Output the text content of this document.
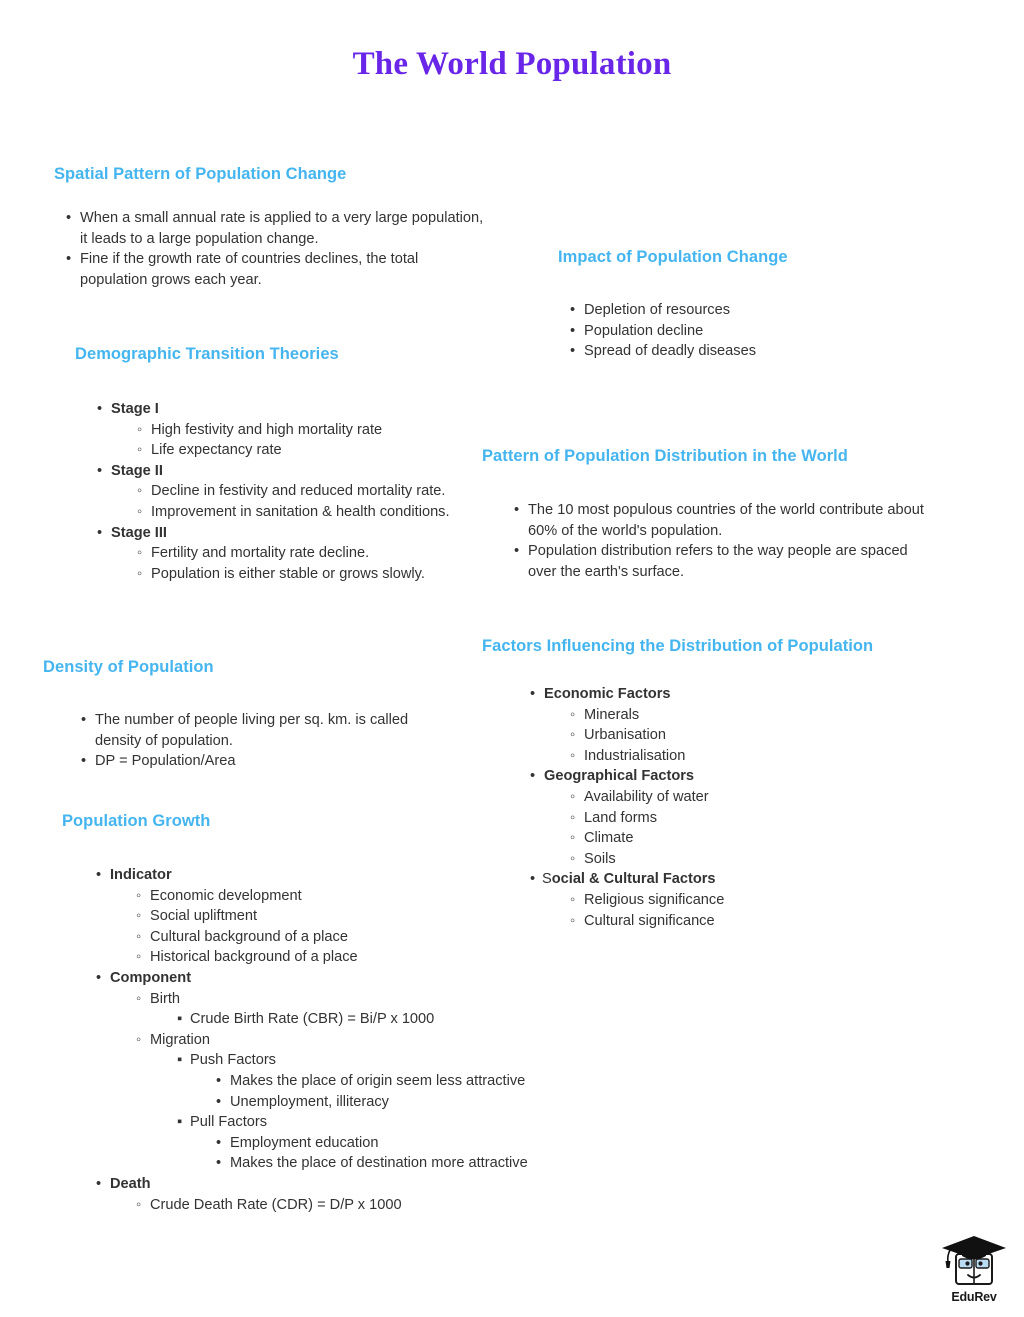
The World Population
Spatial Pattern of Population Change
• When a small annual rate is applied to a very large population, it leads to a large population change.
• Fine if the growth rate of countries declines, the total population grows each year.
Demographic Transition Theories
• Stage I
◦ High festivity and high mortality rate
◦ Life expectancy rate
• Stage II
◦ Decline in festivity and reduced mortality rate.
◦ Improvement in sanitation & health conditions.
• Stage III
◦ Fertility and mortality rate decline.
◦ Population is either stable or grows slowly.
Density of Population
• The number of people living per sq. km. is called density of population.
• DP = Population/Area
Population Growth
• Indicator
◦ Economic development
◦ Social upliftment
◦ Cultural background of a place
◦ Historical background of a place
• Component
◦ Birth
▪ Crude Birth Rate (CBR) = Bi/P x 1000
◦ Migration
▪ Push Factors
• Makes the place of origin seem less attractive
• Unemployment, illiteracy
▪ Pull Factors
• Employment education
• Makes the place of destination more attractive
• Death
◦ Crude Death Rate (CDR) = D/P x 1000
Impact of Population Change
• Depletion of resources
• Population decline
• Spread of deadly diseases
Pattern of Population Distribution in the World
• The 10 most populous countries of the world contribute about 60% of the world's population.
• Population distribution refers to the way people are spaced over the earth's surface.
Factors Influencing the Distribution of Population
• Economic Factors
◦ Minerals
◦ Urbanisation
◦ Industrialisation
• Geographical Factors
◦ Availability of water
◦ Land forms
◦ Climate
◦ Soils
• Social & Cultural Factors
◦ Religious significance
◦ Cultural significance
EduRev
